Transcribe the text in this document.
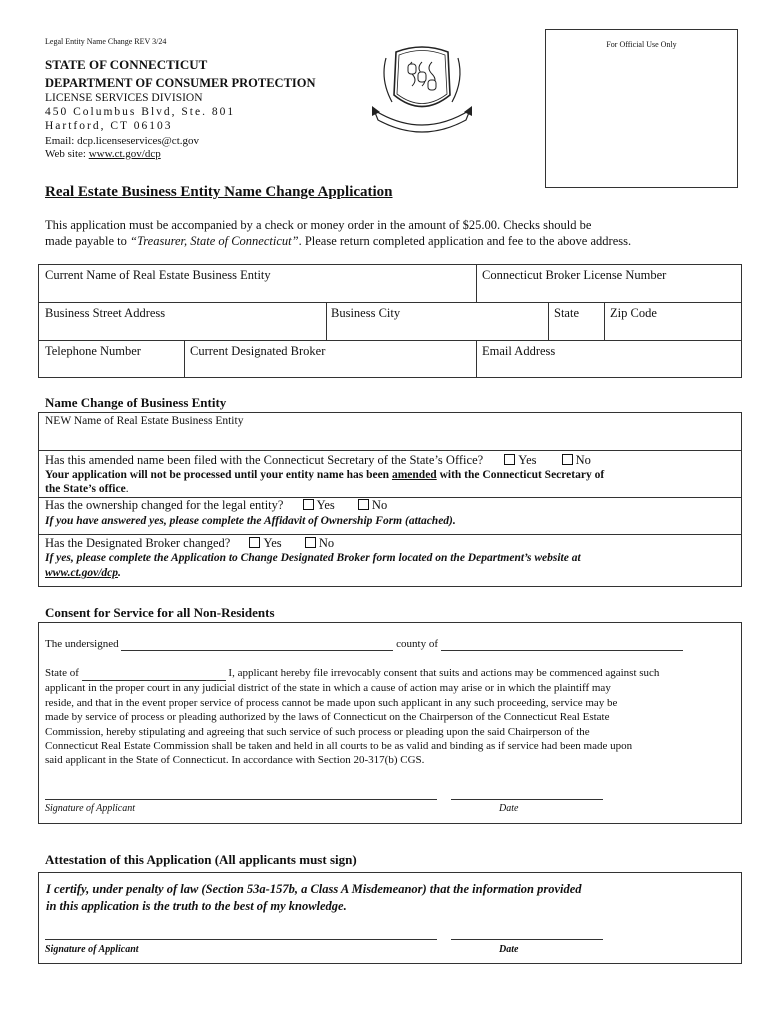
Legal Entity Name Change REV 3/24	For Official Use Only
STATE OF CONNECTICUT
DEPARTMENT OF CONSUMER PROTECTION
LICENSE SERVICES DIVISION
450 Columbus Blvd, Ste. 801
Hartford, CT 06103
Email: dcp.licenseservices@ct.gov
Web site: www.ct.gov/dcp
Real Estate Business Entity Name Change Application
This application must be accompanied by a check or money order in the amount of $25.00. Checks should be
made payable to “Treasurer, State of Connecticut”. Please return completed application and fee to the above address.
Current Name of Real Estate Business Entity	Connecticut Broker License Number
Business Street Address	Business City	State Zip Code
Telephone Number	Current Designated Broker	Email Address
Name Change of Business Entity
NEW Name of Real Estate Business Entity
Has this amended name been filed with the Connecticut Secretary of the State’s Office?	Yes	No
Your application will not be processed until your entity name has been amended with the Connecticut Secretary of
the State’s office.
Has the ownership changed for the legal entity?	Yes	No
If you have answered yes, please complete the Affidavit of Ownership Form (attached).
Has the Designated Broker changed?	Yes	No
If yes, please complete the Application to Change Designated Broker form located on the Department’s website at
www.ct.gov/dcp.
Consent for Service for all Non-Residents
The undersigned	county of
State of	I, applicant hereby file irrevocably consent that suits and actions may be commenced against such
applicant in the proper court in any judicial district of the state in which a cause of action may arise or in which the plaintiff may
reside, and that in the event proper service of process cannot be made upon such applicant in any such proceeding, service may be
made by service of process or pleading authorized by the laws of Connecticut on the Chairperson of the Connecticut Real Estate
Commission, hereby stipulating and agreeing that such service of such process or pleading upon the said Chairperson of the
Connecticut Real Estate Commission shall be taken and held in all courts to be as valid and binding as if service had been made upon
said applicant in the State of Connecticut. In accordance with Section 20-317(b) CGS.
Signature of Applicant	Date
Attestation of this Application (All applicants must sign)
I certify, under penalty of law (Section 53a-157b, a Class A Misdemeanor) that the information provided
in this application is the truth to the best of my knowledge.
Signature of Applicant	Date
